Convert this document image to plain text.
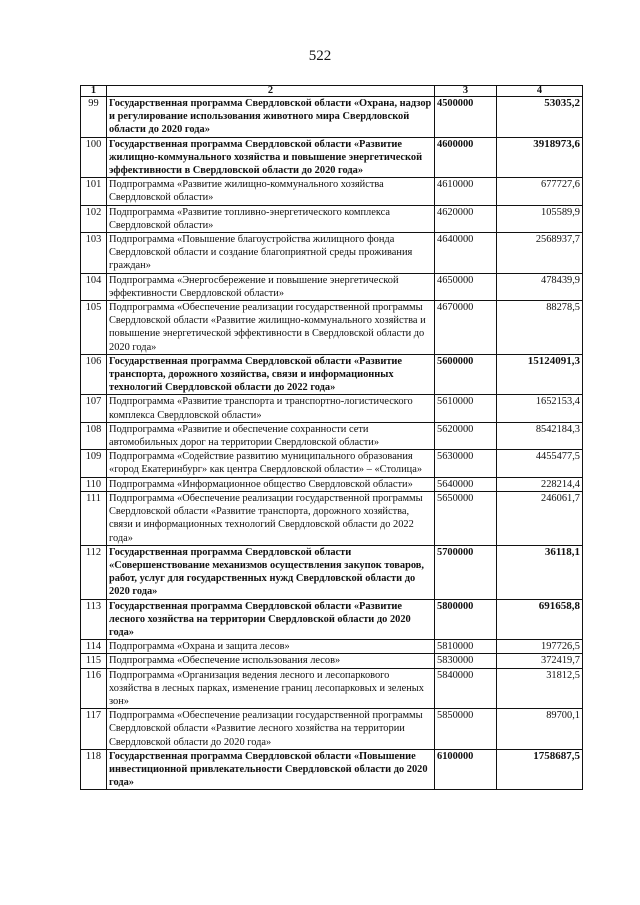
522
1	2	3	4
99	Государственная программа Свердловской области «Охрана, надзор и регулирование использования животного мира Свердловской области до 2020 года»	4500000	53035,2
100	Государственная программа Свердловской области «Развитие жилищно-коммунального хозяйства и повышение энергетической эффективности в Свердловской области до 2020 года»	4600000	3918973,6
101	Подпрограмма «Развитие жилищно-коммунального хозяйства Свердловской области»	4610000	677727,6
102	Подпрограмма «Развитие топливно-энергетического комплекса Свердловской области»	4620000	105589,9
103	Подпрограмма «Повышение благоустройства жилищного фонда Свердловской области и создание благоприятной среды проживания граждан»	4640000	2568937,7
104	Подпрограмма «Энергосбережение и повышение энергетической эффективности Свердловской области»	4650000	478439,9
105	Подпрограмма «Обеспечение реализации государственной программы Свердловской области «Развитие жилищно-коммунального хозяйства и повышение энергетической эффективности в Свердловской области до 2020 года»	4670000	88278,5
106	Государственная программа Свердловской области «Развитие транспорта, дорожного хозяйства, связи и информационных технологий Свердловской области до 2022 года»	5600000	15124091,3
107	Подпрограмма «Развитие транспорта и транспортно-логистического комплекса Свердловской области»	5610000	1652153,4
108	Подпрограмма «Развитие и обеспечение сохранности сети автомобильных дорог на территории Свердловской области»	5620000	8542184,3
109	Подпрограмма «Содействие развитию муниципального образования «город Екатеринбург» как центра Свердловской области» – «Столица»	5630000	4455477,5
110	Подпрограмма «Информационное общество Свердловской области»	5640000	228214,4
111	Подпрограмма «Обеспечение реализации государственной программы Свердловской области «Развитие транспорта, дорожного хозяйства, связи и информационных технологий Свердловской области до 2022 года»	5650000	246061,7
112	Государственная программа Свердловской области «Совершенствование механизмов осуществления закупок товаров, работ, услуг для государственных нужд Свердловской области до 2020 года»	5700000	36118,1
113	Государственная программа Свердловской области «Развитие лесного хозяйства на территории Свердловской области до 2020 года»	5800000	691658,8
114	Подпрограмма «Охрана и защита лесов»	5810000	197726,5
115	Подпрограмма «Обеспечение использования лесов»	5830000	372419,7
116	Подпрограмма «Организация ведения лесного и лесопаркового хозяйства в лесных парках, изменение границ лесопарковых и зеленых зон»	5840000	31812,5
117	Подпрограмма «Обеспечение реализации государственной программы Свердловской области «Развитие лесного хозяйства на территории Свердловской области до 2020 года»	5850000	89700,1
118	Государственная программа Свердловской области «Повышение инвестиционной привлекательности Свердловской области до 2020 года»	6100000	1758687,5
